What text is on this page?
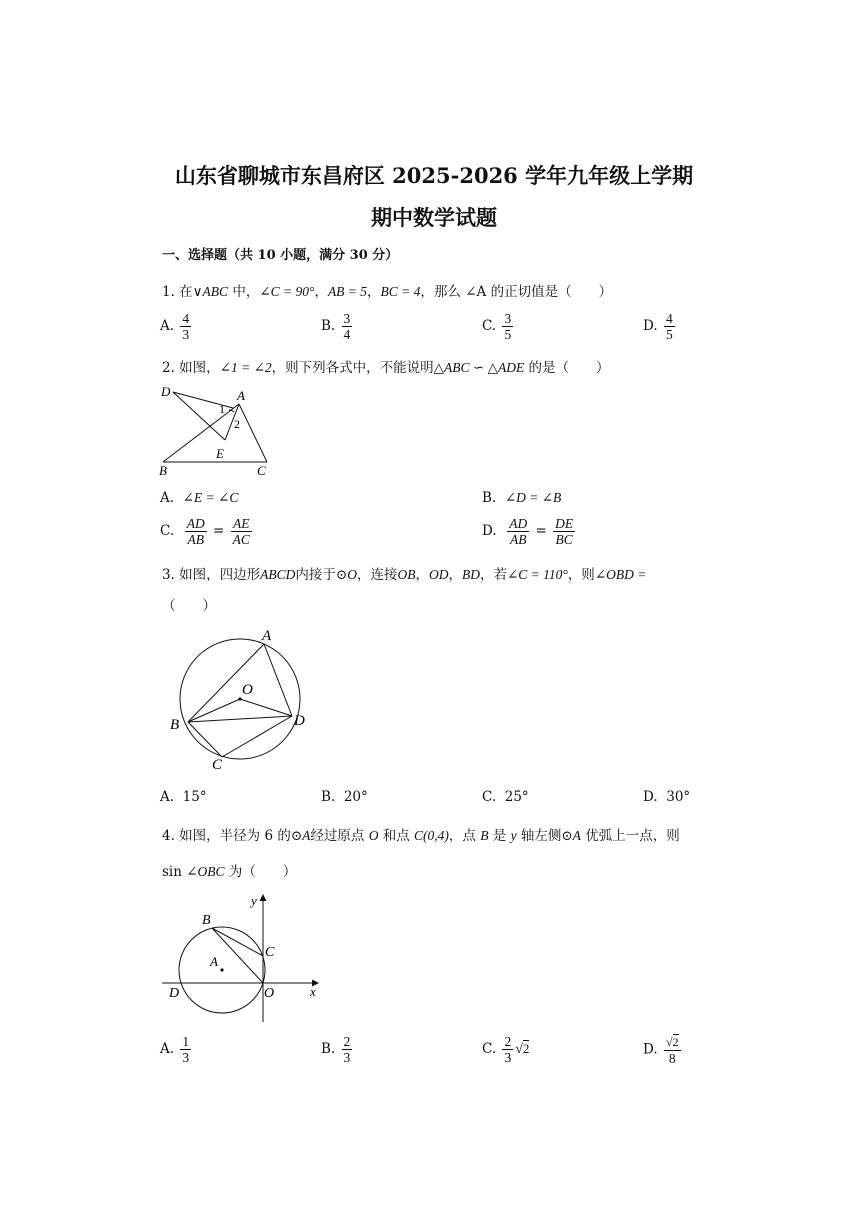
山东省聊城市东昌府区 2025-2026 学年九年级上学期
期中数学试题
一、选择题（共 10 小题，满分 30 分）
1. 在∨ABC 中，∠C = 90°，AB = 5，BC = 4，那么 ∠A 的正切值是（　　）
A. $\frac{4}{3}$	B. $\frac{3}{4}$	C. $\frac{3}{5}$	D. $\frac{4}{5}$
2. 如图，∠1 = ∠2，则下列各式中，不能说明△ABC ∽ △ADE 的是（　　）
D	A
1
2
E
B	C
A. ∠E = ∠C	B. ∠D = ∠B
C. $\frac{AD}{AB} = \frac{AE}{AC}$	D. $\frac{AD}{AB} = \frac{DE}{BC}$
3. 如图，四边形ABCD内接于⊙O，连接OB，OD，BD，若∠C = 110°，则∠OBD =
（　　）
A
O
B	D
C
A. 15°	B. 20°	C. 25°	D. 30°
4. 如图，半径为 6 的⊙A经过原点 O 和点 C(0,4)，点 B 是 y 轴左侧⊙A 优弧上一点，则
sin ∠OBC 为（　　）
y
B
C
A
D	O	x
A. $\frac{1}{3}$	B. $\frac{2}{3}$	C. $\frac{2}{3} √2$	D. $\frac{√2}{8}$
